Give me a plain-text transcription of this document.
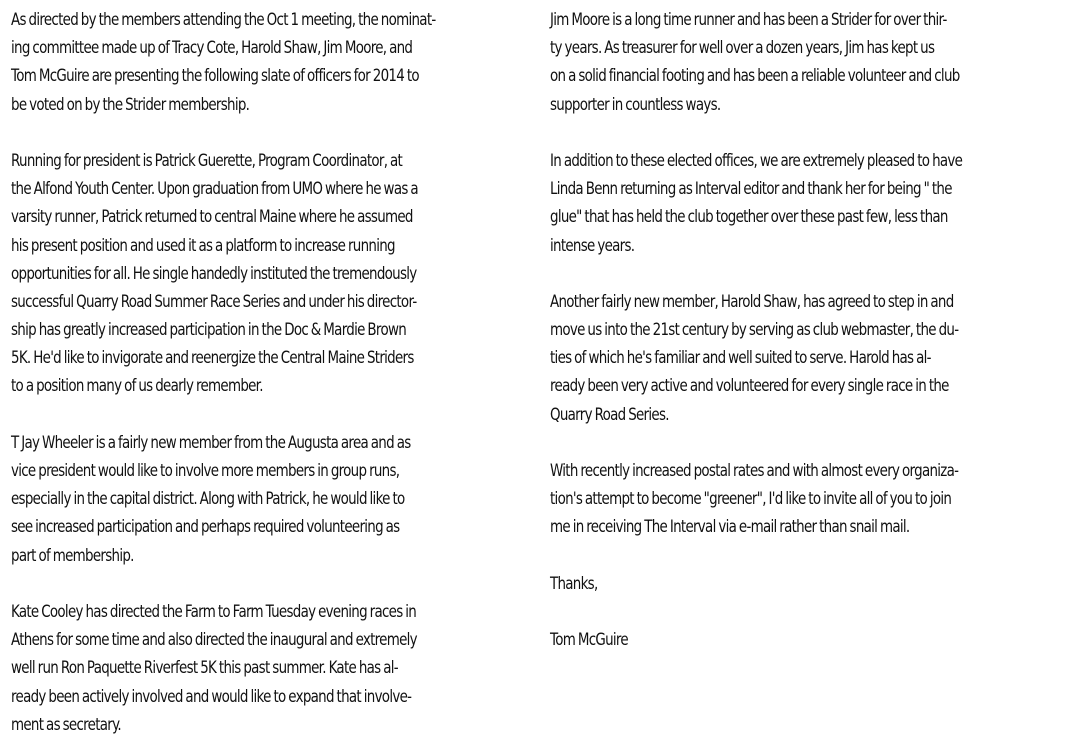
As directed by the members attending the Oct 1 meeting, the nominat-
ing committee made up of Tracy Cote, Harold Shaw, Jim Moore, and
Tom McGuire are presenting the following slate of officers for 2014 to
be voted on by the Strider membership.
Running for president is Patrick Guerette, Program Coordinator, at
the Alfond Youth Center. Upon graduation from UMO where he was a
varsity runner, Patrick returned to central Maine where he assumed
his present position and used it as a platform to increase running
opportunities for all. He single handedly instituted the tremendously
successful Quarry Road Summer Race Series and under his director-
ship has greatly increased participation in the Doc & Mardie Brown
5K. He'd like to invigorate and reenergize the Central Maine Striders
to a position many of us dearly remember.
T Jay Wheeler is a fairly new member from the Augusta area and as
vice president would like to involve more members in group runs,
especially in the capital district. Along with Patrick, he would like to
see increased participation and perhaps required volunteering as
part of membership.
Kate Cooley has directed the Farm to Farm Tuesday evening races in
Athens for some time and also directed the inaugural and extremely
well run Ron Paquette Riverfest 5K this past summer. Kate has al-
ready been actively involved and would like to expand that involve-
ment as secretary.
Jim Moore is a long time runner and has been a Strider for over thir-
ty years. As treasurer for well over a dozen years, Jim has kept us
on a solid financial footing and has been a reliable volunteer and club
supporter in countless ways.
In addition to these elected offices, we are extremely pleased to have
Linda Benn returning as Interval editor and thank her for being " the
glue" that has held the club together over these past few, less than
intense years.
Another fairly new member, Harold Shaw, has agreed to step in and
move us into the 21st century by serving as club webmaster, the du-
ties of which he's familiar and well suited to serve. Harold has al-
ready been very active and volunteered for every single race in the
Quarry Road Series.
With recently increased postal rates and with almost every organiza-
tion's attempt to become "greener", I'd like to invite all of you to join
me in receiving The Interval via e-mail rather than snail mail.
Thanks,
Tom McGuire
